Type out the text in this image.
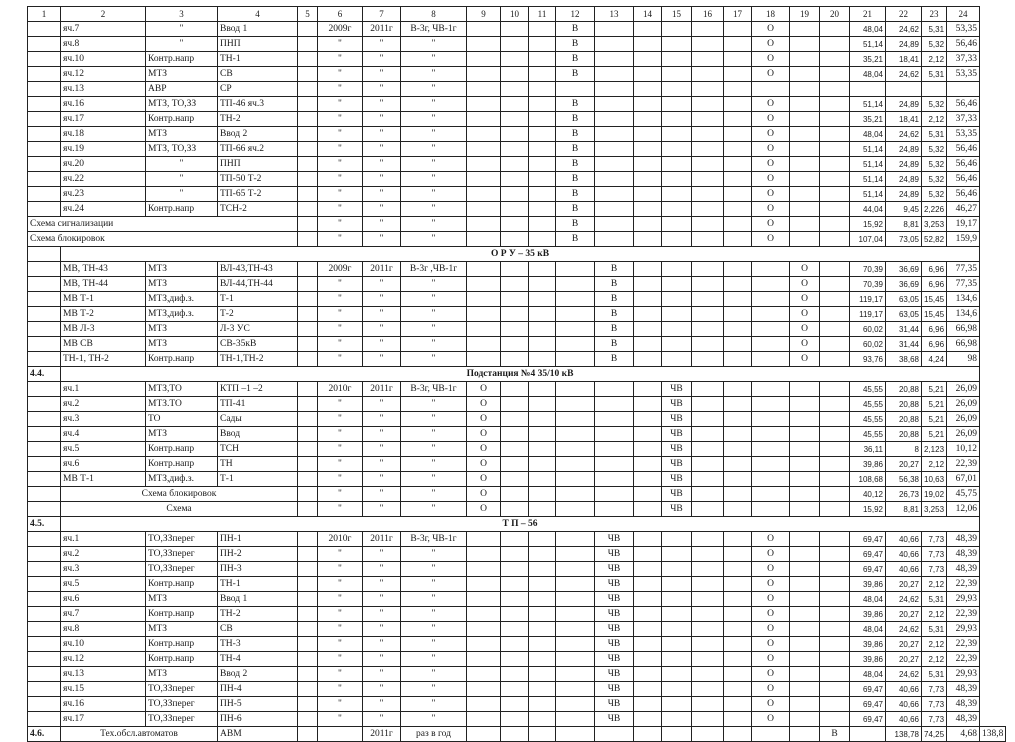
1	2	3	4	5	6	7	8	9	10	11	12	13	14	15	16	17	18	19	20	21	22	23	24	
	яч.7	"	Ввод 1		2009г	2011г	В-3г, ЧВ-1г				В						О			48,04	24,62	5,31	53,35	
	яч.8	"	ПНП		"	"	"				В						О			51,14	24,89	5,32	56,46	
	яч.10	Контр.напр	ТН-1		"	"	"				В						О			35,21	18,41	2,12	37,33	
	яч.12	МТЗ	СВ		"	"	"				В						О			48,04	24,62	5,31	53,35	
	яч.13	АВР	СР		"	"	"																	
	яч.16	МТЗ, ТО,ЗЗ	ТП-46 яч.3		"	"	"				В						О			51,14	24,89	5,32	56,46	
	яч.17	Контр.напр	ТН-2		"	"	"				В						О			35,21	18,41	2,12	37,33	
	яч.18	МТЗ	Ввод 2		"	"	"				В						О			48,04	24,62	5,31	53,35	
	яч.19	МТЗ, ТО,ЗЗ	ТП-66 яч.2		"	"	"				В						О			51,14	24,89	5,32	56,46	
	яч.20	"	ПНП		"	"	"				В						О			51,14	24,89	5,32	56,46	
	яч.22	"	ТП-50 Т-2		"	"	"				В						О			51,14	24,89	5,32	56,46	
	яч.23	"	ТП-65 Т-2		"	"	"				В						О			51,14	24,89	5,32	56,46	
	яч.24	Контр.напр	ТСН-2		"	"	"				В						О			44,04	9,45	2,226	46,27	
Схема сигнализации					"	"	"				В						О			15,92	8,81	3,253	19,17	
Схема блокировок					"	"	"				В						О			107,04	73,05	52,82	159,9	
	О Р У – 35 кВ																							
	МВ, ТН-43	МТЗ	ВЛ-43,ТН-43		2009г	2011г	В-3г ,ЧВ-1г					В						О		70,39	36,69	6,96	77,35	
	МВ, ТН-44	МТЗ	ВЛ-44,ТН-44		"	"	"					В						О		70,39	36,69	6,96	77,35	
	МВ Т-1	МТЗ,диф.з.	Т-1		"	"	"					В						О		119,17	63,05	15,45	134,6	
	МВ Т-2	МТЗ,диф.з.	Т-2		"	"	"					В						О		119,17	63,05	15,45	134,6	
	МВ Л-3	МТЗ	Л-3 УС		"	"	"					В						О		60,02	31,44	6,96	66,98	
	МВ СВ	МТЗ	СВ-35кВ		"	"	"					В						О		60,02	31,44	6,96	66,98	
	ТН-1, ТН-2	Контр.напр	ТН-1,ТН-2		"	"	"					В						О		93,76	38,68	4,24	98	
4.4.	Подстанция №4 35/10 кВ																							
	яч.1	МТЗ,ТО	КТП –1 –2		2010г	2011г	В-3г, ЧВ-1г	О						ЧВ						45,55	20,88	5,21	26,09	
	яч.2	МТЗ.ТО	ТП-41		"	"	"	О						ЧВ						45,55	20,88	5,21	26,09	
	яч.3	ТО	Сады		"	"	"	О						ЧВ						45,55	20,88	5,21	26,09	
	яч.4	МТЗ	Ввод		"	"	"	О						ЧВ						45,55	20,88	5,21	26,09	
	яч.5	Контр.напр	ТСН		"	"	"	О						ЧВ						36,11	8	2,123	10,12	
	яч.6	Контр.напр	ТН		"	"	"	О						ЧВ						39,86	20,27	2,12	22,39	
	МВ Т-1	МТЗ,диф.з.	Т-1		"	"	"	О						ЧВ						108,68	56,38	10,63	67,01	
	Схема блокировок				"	"	"	О						ЧВ						40,12	26,73	19,02	45,75	
	Схема				"	"	"	О						ЧВ						15,92	8,81	3,253	12,06	
4.5.	Т П – 56																							
	яч.1	ТО,ЗЗперег	ПН-1		2010г	2011г	В-3г, ЧВ-1г					ЧВ					О			69,47	40,66	7,73	48,39	
	яч.2	ТО,ЗЗперег	ПН-2		"	"	"					ЧВ					О			69,47	40,66	7,73	48,39	
	яч.3	ТО,ЗЗперег	ПН-3		"	"	"					ЧВ					О			69,47	40,66	7,73	48,39	
	яч.5	Контр.напр	ТН-1		"	"	"					ЧВ					О			39,86	20,27	2,12	22,39	
	яч.6	МТЗ	Ввод 1		"	"	"					ЧВ					О			48,04	24,62	5,31	29,93	
	яч.7	Контр.напр	ТН-2		"	"	"					ЧВ					О			39,86	20,27	2,12	22,39	
	яч.8	МТЗ	СВ		"	"	"					ЧВ					О			48,04	24,62	5,31	29,93	
	яч.10	Контр.напр	ТН-3		"	"	"					ЧВ					О			39,86	20,27	2,12	22,39	
	яч.12	Контр.напр	ТН-4		"	"	"					ЧВ					О			39,86	20,27	2,12	22,39	
	яч.13	МТЗ	Ввод 2		"	"	"					ЧВ					О			48,04	24,62	5,31	29,93	
	яч.15	ТО,ЗЗперег	ПН-4		"	"	"					ЧВ					О			69,47	40,66	7,73	48,39	
	яч.16	ТО,ЗЗперег	ПН-5		"	"	"					ЧВ					О			69,47	40,66	7,73	48,39	
	яч.17	ТО,ЗЗперег	ПН-6		"	"	"					ЧВ					О			69,47	40,66	7,73	48,39	
4.6.	Тех.обсл.автоматов		АВМ			2011г	раз в год												В		138,78	74,25	4,68	138,8
